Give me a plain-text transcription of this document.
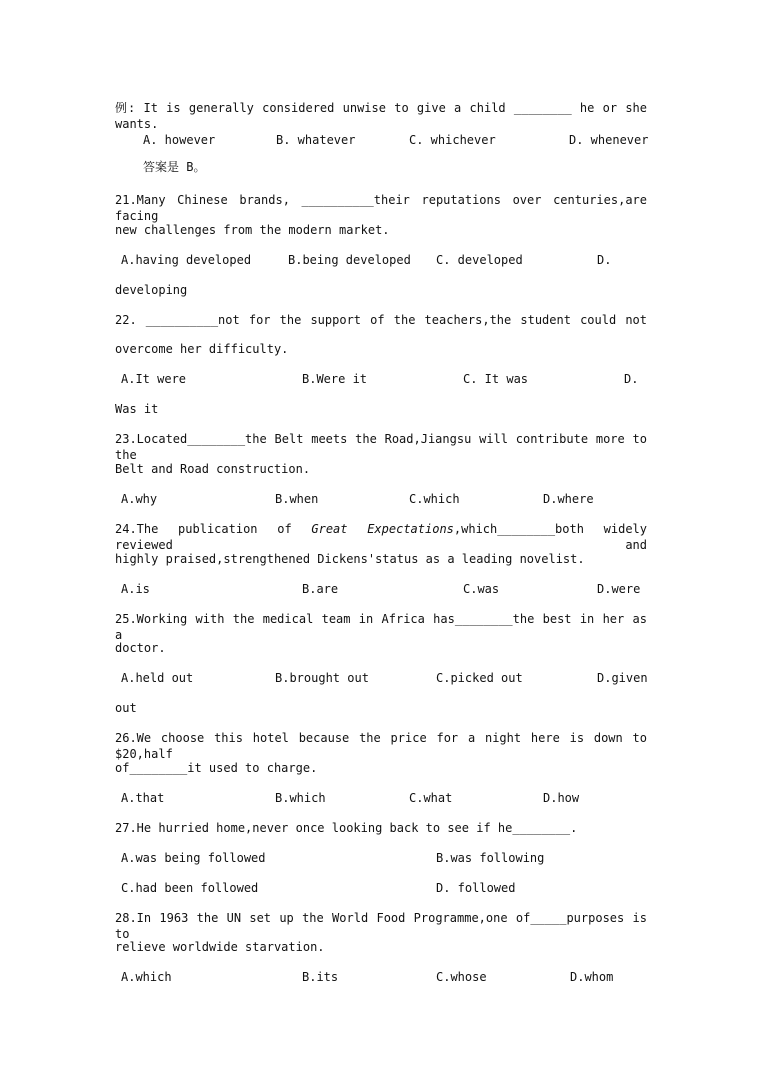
例: It is generally considered unwise to give a child ________ he or she wants.
A. however	B. whatever	C. whichever	D. whenever
答案是 B。
21.Many Chinese brands, __________their reputations over centuries,are facing
new challenges from the modern market.
A.having developed	B.being developed C. developed	D.
developing
22. __________not for the support of the teachers,the student could not
overcome her difficulty.
A.It were	B.Were it	C. It was	D.
Was it
23.Located________the Belt meets the Road,Jiangsu will contribute more to the
Belt and Road construction.
A.why	B.when	C.which	D.where
24.The publication of Great Expectations,which________both widely reviewed and
highly praised,strengthened Dickens'status as a leading novelist.
A.is	B.are	C.was	D.were
25.Working with the medical team in Africa has________the best in her as a
doctor.
A.held out	B.brought out	C.picked out	D.given
out
26.We choose this hotel because the price for a night here is down to $20,half
of________it used to charge.
A.that	B.which	C.what	D.how
27.He hurried home,never once looking back to see if he________.
A.was being followed	B.was following
C.had been followed	D. followed
28.In 1963 the UN set up the World Food Programme,one of_____purposes is to
relieve worldwide starvation.
A.which	B.its	C.whose	D.whom
